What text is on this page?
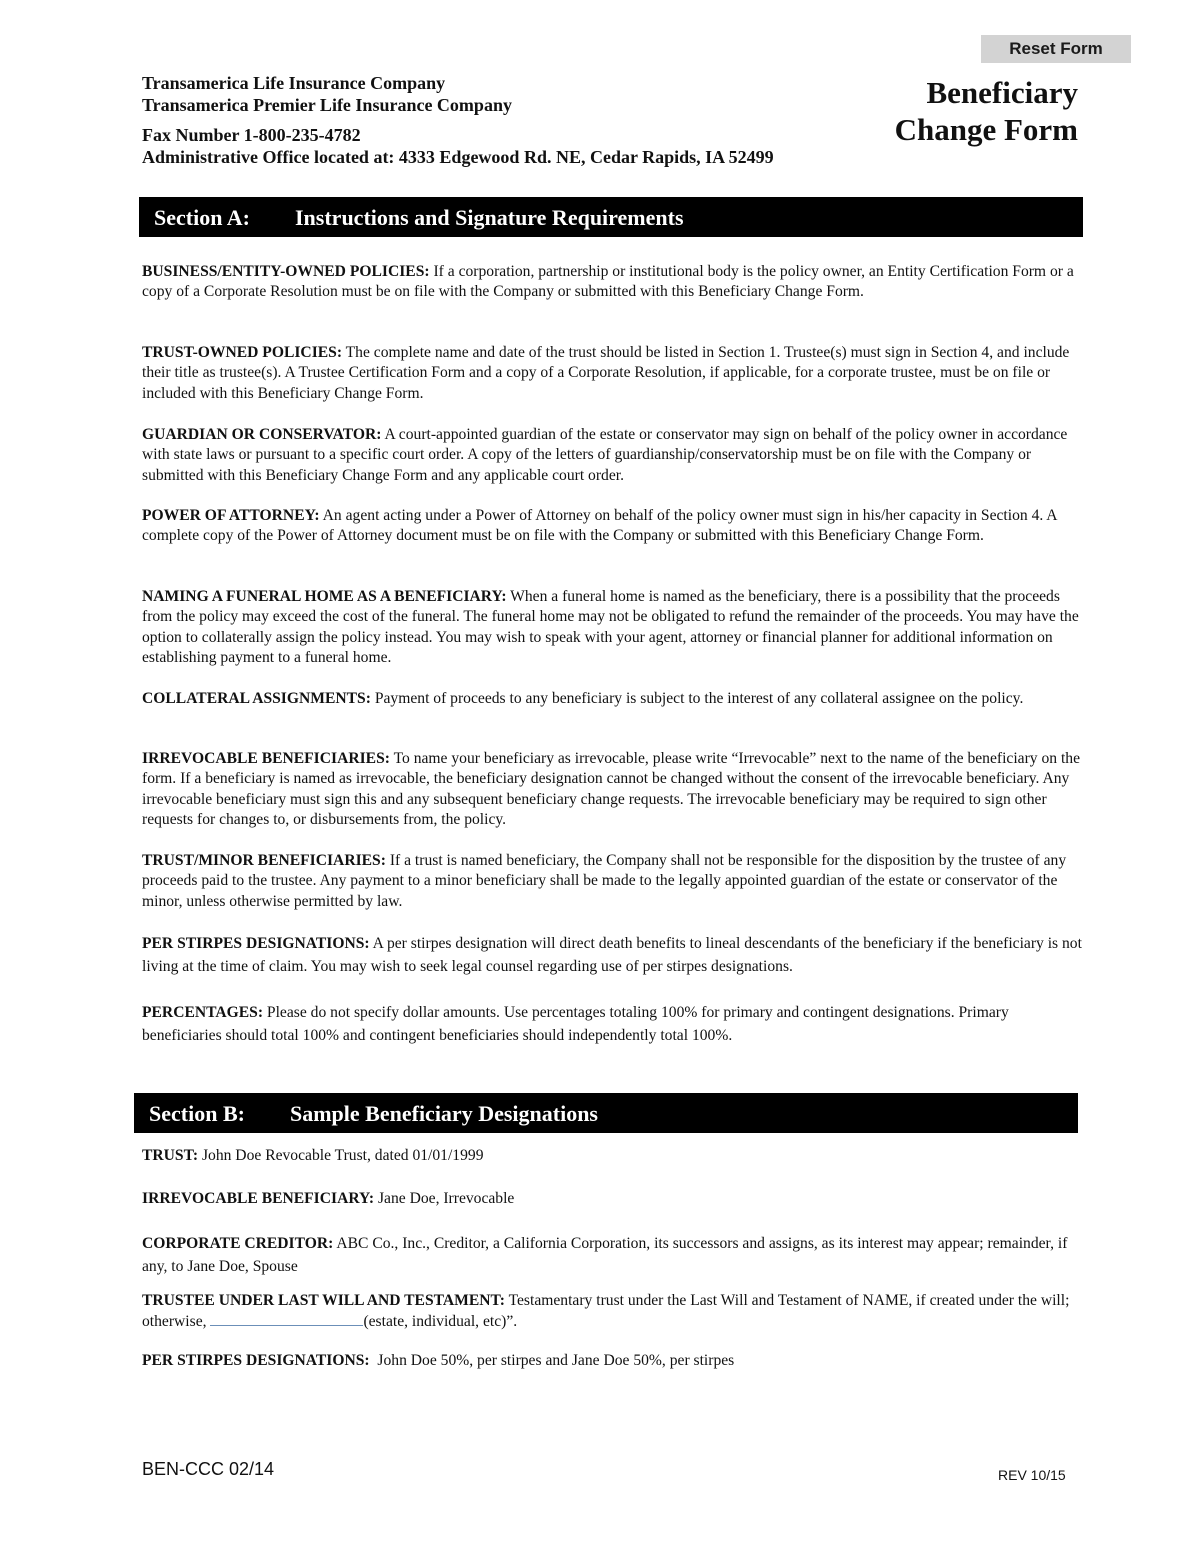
Reset Form
Transamerica Life Insurance Company
Transamerica Premier Life Insurance Company
Fax Number 1-800-235-4782
Administrative Office located at: 4333 Edgewood Rd. NE, Cedar Rapids, IA 52499
Beneficiary
Change Form
Section A: Instructions and Signature Requirements
BUSINESS/ENTITY-OWNED POLICIES: If a corporation, partnership or institutional body is the policy owner, an Entity Certification Form or a copy of a Corporate Resolution must be on file with the Company or submitted with this Beneficiary Change Form.
TRUST-OWNED POLICIES: The complete name and date of the trust should be listed in Section 1. Trustee(s) must sign in Section 4, and include their title as trustee(s). A Trustee Certification Form and a copy of a Corporate Resolution, if applicable, for a corporate trustee, must be on file or included with this Beneficiary Change Form.
GUARDIAN OR CONSERVATOR: A court-appointed guardian of the estate or conservator may sign on behalf of the policy owner in accordance with state laws or pursuant to a specific court order. A copy of the letters of guardianship/conservatorship must be on file with the Company or submitted with this Beneficiary Change Form and any applicable court order.
POWER OF ATTORNEY: An agent acting under a Power of Attorney on behalf of the policy owner must sign in his/her capacity in Section 4. A complete copy of the Power of Attorney document must be on file with the Company or submitted with this Beneficiary Change Form.
NAMING A FUNERAL HOME AS A BENEFICIARY: When a funeral home is named as the beneficiary, there is a possibility that the proceeds from the policy may exceed the cost of the funeral. The funeral home may not be obligated to refund the remainder of the proceeds. You may have the option to collaterally assign the policy instead. You may wish to speak with your agent, attorney or financial planner for additional information on establishing payment to a funeral home.
COLLATERAL ASSIGNMENTS: Payment of proceeds to any beneficiary is subject to the interest of any collateral assignee on the policy.
IRREVOCABLE BENEFICIARIES: To name your beneficiary as irrevocable, please write “Irrevocable” next to the name of the beneficiary on the form. If a beneficiary is named as irrevocable, the beneficiary designation cannot be changed without the consent of the irrevocable beneficiary. Any irrevocable beneficiary must sign this and any subsequent beneficiary change requests. The irrevocable beneficiary may be required to sign other requests for changes to, or disbursements from, the policy.
TRUST/MINOR BENEFICIARIES: If a trust is named beneficiary, the Company shall not be responsible for the disposition by the trustee of any proceeds paid to the trustee. Any payment to a minor beneficiary shall be made to the legally appointed guardian of the estate or conservator of the minor, unless otherwise permitted by law.
PER STIRPES DESIGNATIONS: A per stirpes designation will direct death benefits to lineal descendants of the beneficiary if the beneficiary is not living at the time of claim. You may wish to seek legal counsel regarding use of per stirpes designations.
PERCENTAGES: Please do not specify dollar amounts. Use percentages totaling 100% for primary and contingent designations. Primary beneficiaries should total 100% and contingent beneficiaries should independently total 100%.
Section B: Sample Beneficiary Designations
TRUST: John Doe Revocable Trust, dated 01/01/1999
IRREVOCABLE BENEFICIARY: Jane Doe, Irrevocable
CORPORATE CREDITOR: ABC Co., Inc., Creditor, a California Corporation, its successors and assigns, as its interest may appear; remainder, if any, to Jane Doe, Spouse
TRUSTEE UNDER LAST WILL AND TESTAMENT: Testamentary trust under the Last Will and Testament of NAME, if created under the will; otherwise,	(estate, individual, etc)”.
PER STIRPES DESIGNATIONS: John Doe 50%, per stirpes and Jane Doe 50%, per stirpes
BEN-CCC 02/14	REV 10/15
